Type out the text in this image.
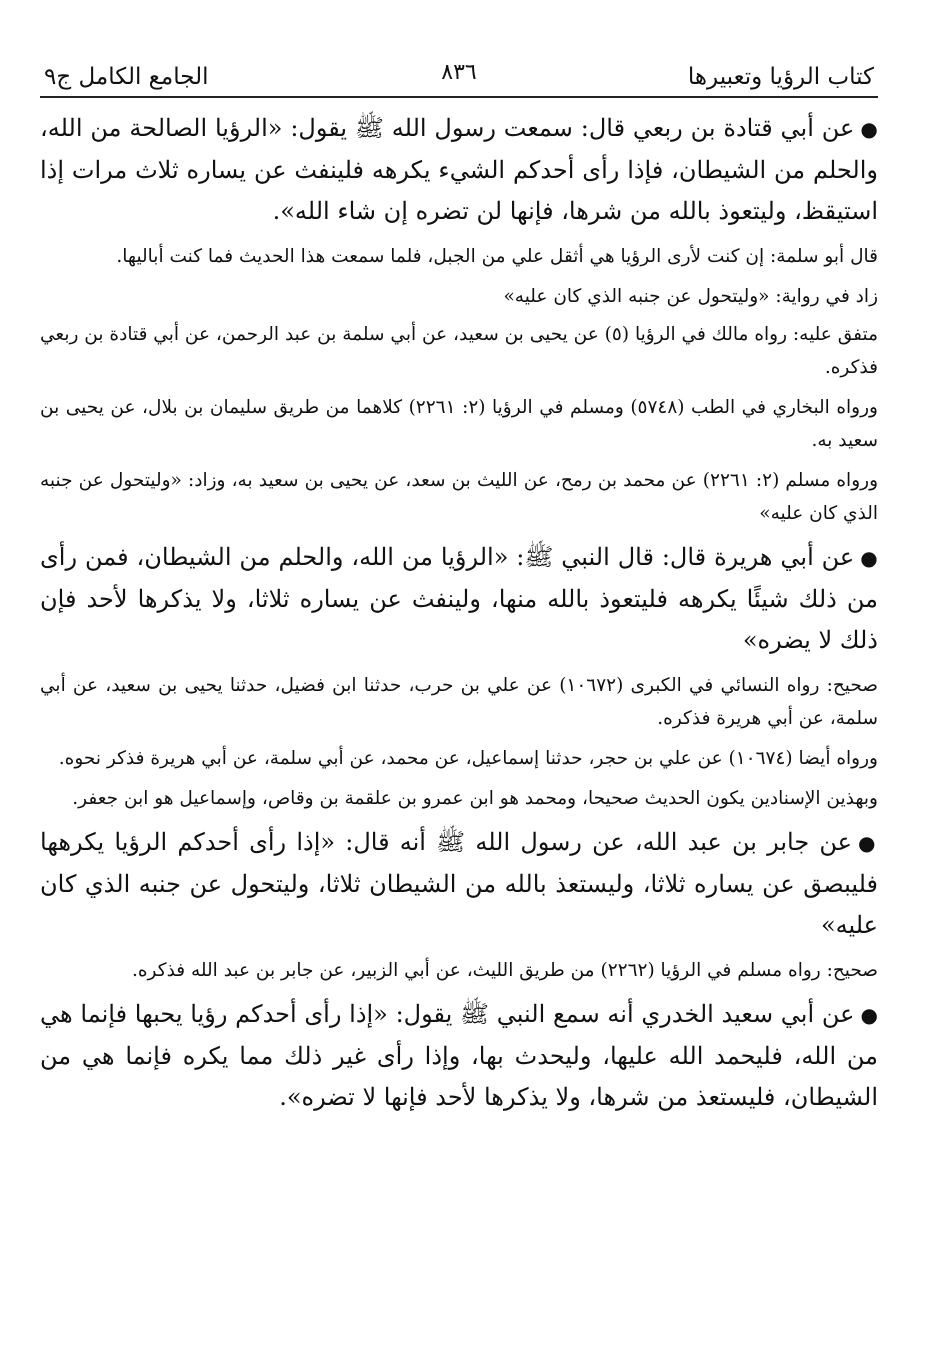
كتاب الرؤيا وتعبيرها
٨٣٦
الجامع الكامل ج٩

●عن أبي قتادة بن ربعي قال: سمعت رسول الله ﷺ يقول: «الرؤيا الصالحة من الله، والحلم من الشيطان، فإذا رأى أحدكم الشيء يكرهه فلينفث عن يساره ثلاث مرات إذا استيقظ، وليتعوذ بالله من شرها، فإنها لن تضره إن شاء الله».

قال أبو سلمة: إن كنت لأرى الرؤيا هي أثقل علي من الجبل، فلما سمعت هذا الحديث فما كنت أباليها.

زاد في رواية: «وليتحول عن جنبه الذي كان عليه»

متفق عليه: رواه مالك في الرؤيا (٥) عن يحيى بن سعيد، عن أبي سلمة بن عبد الرحمن، عن أبي قتادة بن ربعي فذكره.

ورواه البخاري في الطب (٥٧٤٨) ومسلم في الرؤيا (٢: ٢٢٦١) كلاهما من طريق سليمان بن بلال، عن يحيى بن سعيد به.

ورواه مسلم (٢: ٢٢٦١) عن محمد بن رمح، عن الليث بن سعد، عن يحيى بن سعيد به، وزاد: «وليتحول عن جنبه الذي كان عليه»

●عن أبي هريرة قال: قال النبي ﷺ: «الرؤيا من الله، والحلم من الشيطان، فمن رأى من ذلك شيئًا يكرهه فليتعوذ بالله منها، ولينفث عن يساره ثلاثا، ولا يذكرها لأحد فإن ذلك لا يضره»

صحيح: رواه النسائي في الكبرى (١٠٦٧٢) عن علي بن حرب، حدثنا ابن فضيل، حدثنا يحيى بن سعيد، عن أبي سلمة، عن أبي هريرة فذكره.

ورواه أيضا (١٠٦٧٤) عن علي بن حجر، حدثنا إسماعيل، عن محمد، عن أبي سلمة، عن أبي هريرة فذكر نحوه.

وبهذين الإسنادين يكون الحديث صحيحا، ومحمد هو ابن عمرو بن علقمة بن وقاص، وإسماعيل هو ابن جعفر.

●عن جابر بن عبد الله، عن رسول الله ﷺ أنه قال: «إذا رأى أحدكم الرؤيا يكرهها فليبصق عن يساره ثلاثا، وليستعذ بالله من الشيطان ثلاثا، وليتحول عن جنبه الذي كان عليه»

صحيح: رواه مسلم في الرؤيا (٢٢٦٢) من طريق الليث، عن أبي الزبير، عن جابر بن عبد الله فذكره.

●عن أبي سعيد الخدري أنه سمع النبي ﷺ يقول: «إذا رأى أحدكم رؤيا يحبها فإنما هي من الله، فليحمد الله عليها، وليحدث بها، وإذا رأى غير ذلك مما يكره فإنما هي من الشيطان، فليستعذ من شرها، ولا يذكرها لأحد فإنها لا تضره».
